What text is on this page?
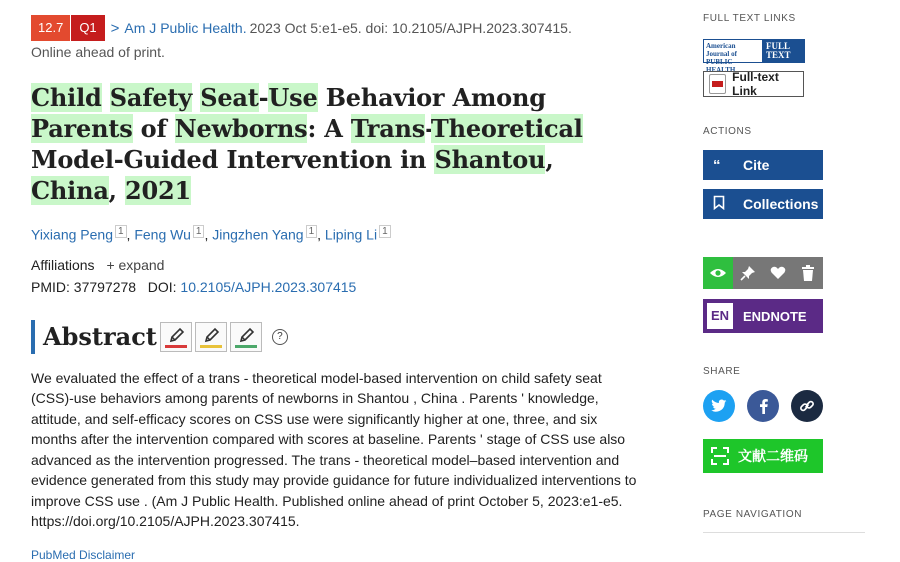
12.7	Q1 > Am J Public Health. 2023 Oct 5:e1-e5. doi: 10.2105/AJPH.2023.307415.
Online ahead of print.
Child Safety Seat-Use Behavior Among Parents of Newborns: A Trans-Theoretical Model-Guided Intervention in Shantou, China, 2021
Yixiang Peng $^1$ , Feng Wu $^1$ , Jingzhen Yang $^1$ , Liping Li $^1$
Affiliations + expand
PMID: 37797278 DOI: 10.2105/AJPH.2023.307415
Abstract	?
We evaluated the effect of a trans - theoretical model-based intervention on child safety seat (CSS)-use behaviors among parents of newborns in Shantou , China . Parents ' knowledge, attitude, and self-efficacy scores on CSS use were significantly higher at one, three, and six months after the intervention compared with scores at baseline. Parents ' stage of CSS use also advanced as the intervention progressed. The trans - theoretical model–based intervention and evidence generated from this study may provide guidance for future individualized interventions to improve CSS use . (Am J Public Health. Published online ahead of print October 5, 2023:e1-e5. https://doi.org/10.2105/AJPH.2023.307415.
PubMed Disclaimer
FULL TEXT LINKS
American Journal of PUBLIC HEALTH
FULL TEXT
Full-text Link
ACTIONS
“	Cite
Collections
EN	ENDNOTE
SHARE
文献二维码
PAGE NAVIGATION
